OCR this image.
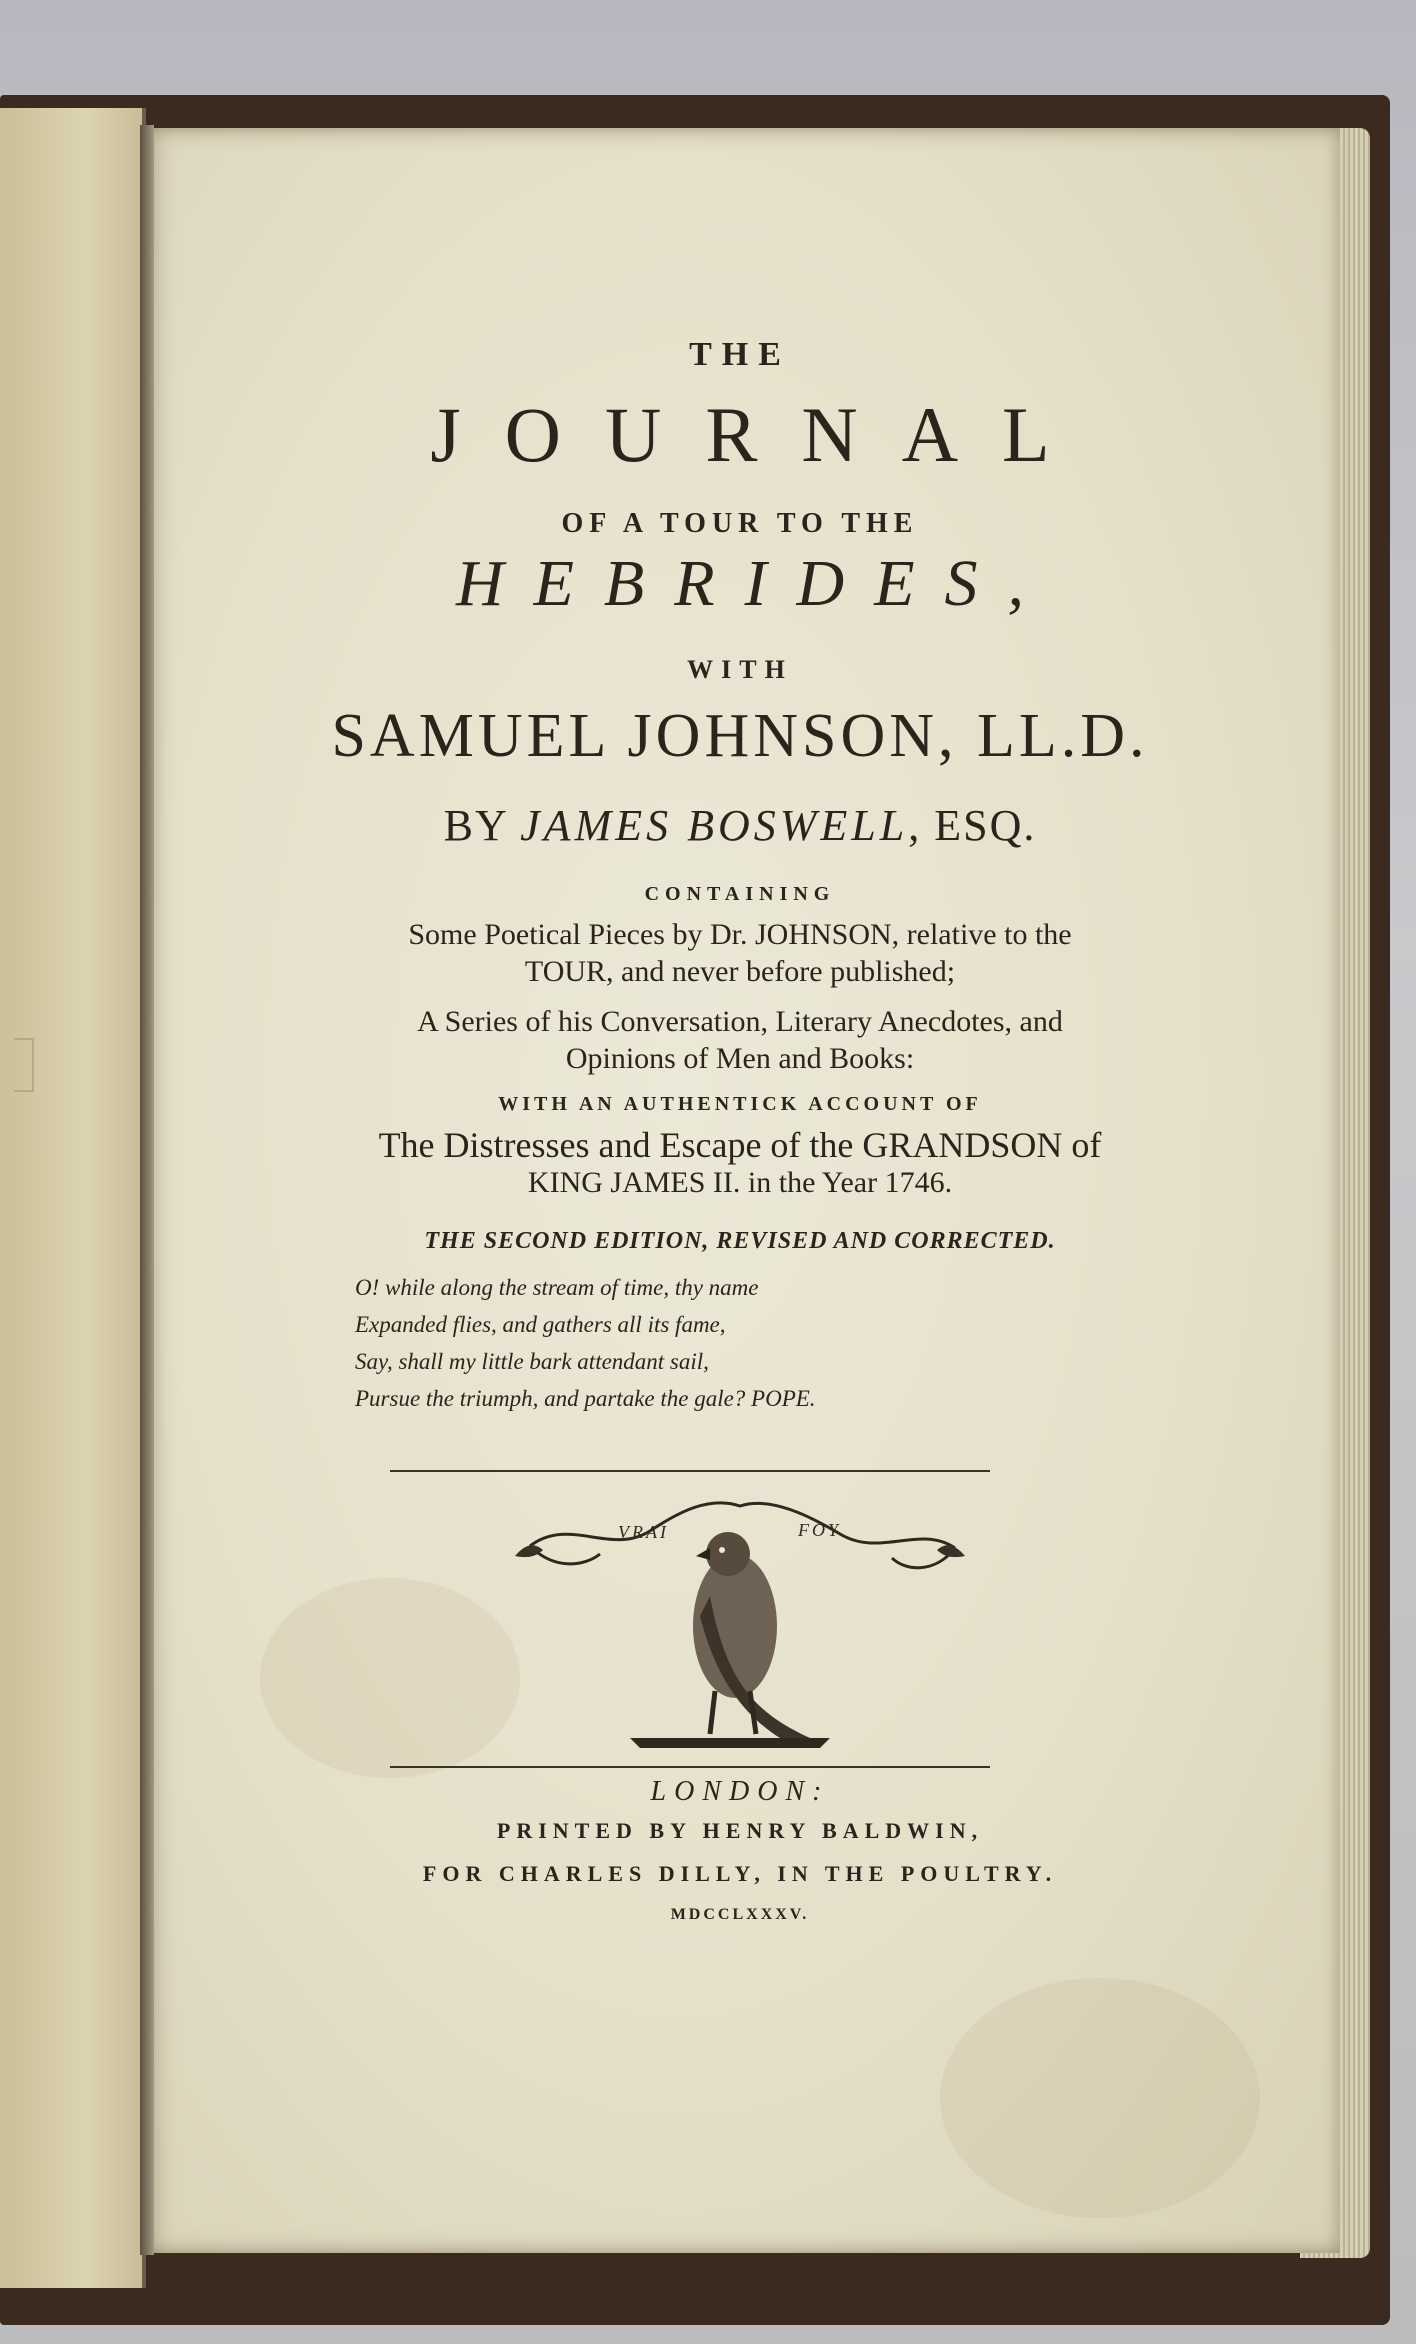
THE
JOURNAL
OF A TOUR TO THE
HEBRIDES,
WITH
SAMUEL JOHNSON, LL.D.
BY JAMES BOSWELL, ESQ.
CONTAINING
Some Poetical Pieces by Dr. JOHNSON, relative to the
TOUR, and never before published;
A Series of his Conversation, Literary Anecdotes, and
Opinions of Men and Books:
WITH AN AUTHENTICK ACCOUNT OF
The Distresses and Escape of the GRANDSON of
KING JAMES II. in the Year 1746.
THE SECOND EDITION, REVISED AND CORRECTED.
O! while along the stream of time, thy name
Expanded flies, and gathers all its fame,
Say, shall my little bark attendant sail,
Pursue the triumph, and partake the gale? POPE.
VRAI	FOY
LONDON:
PRINTED BY HENRY BALDWIN,
FOR CHARLES DILLY, IN THE POULTRY.
MDCCLXXXV.
